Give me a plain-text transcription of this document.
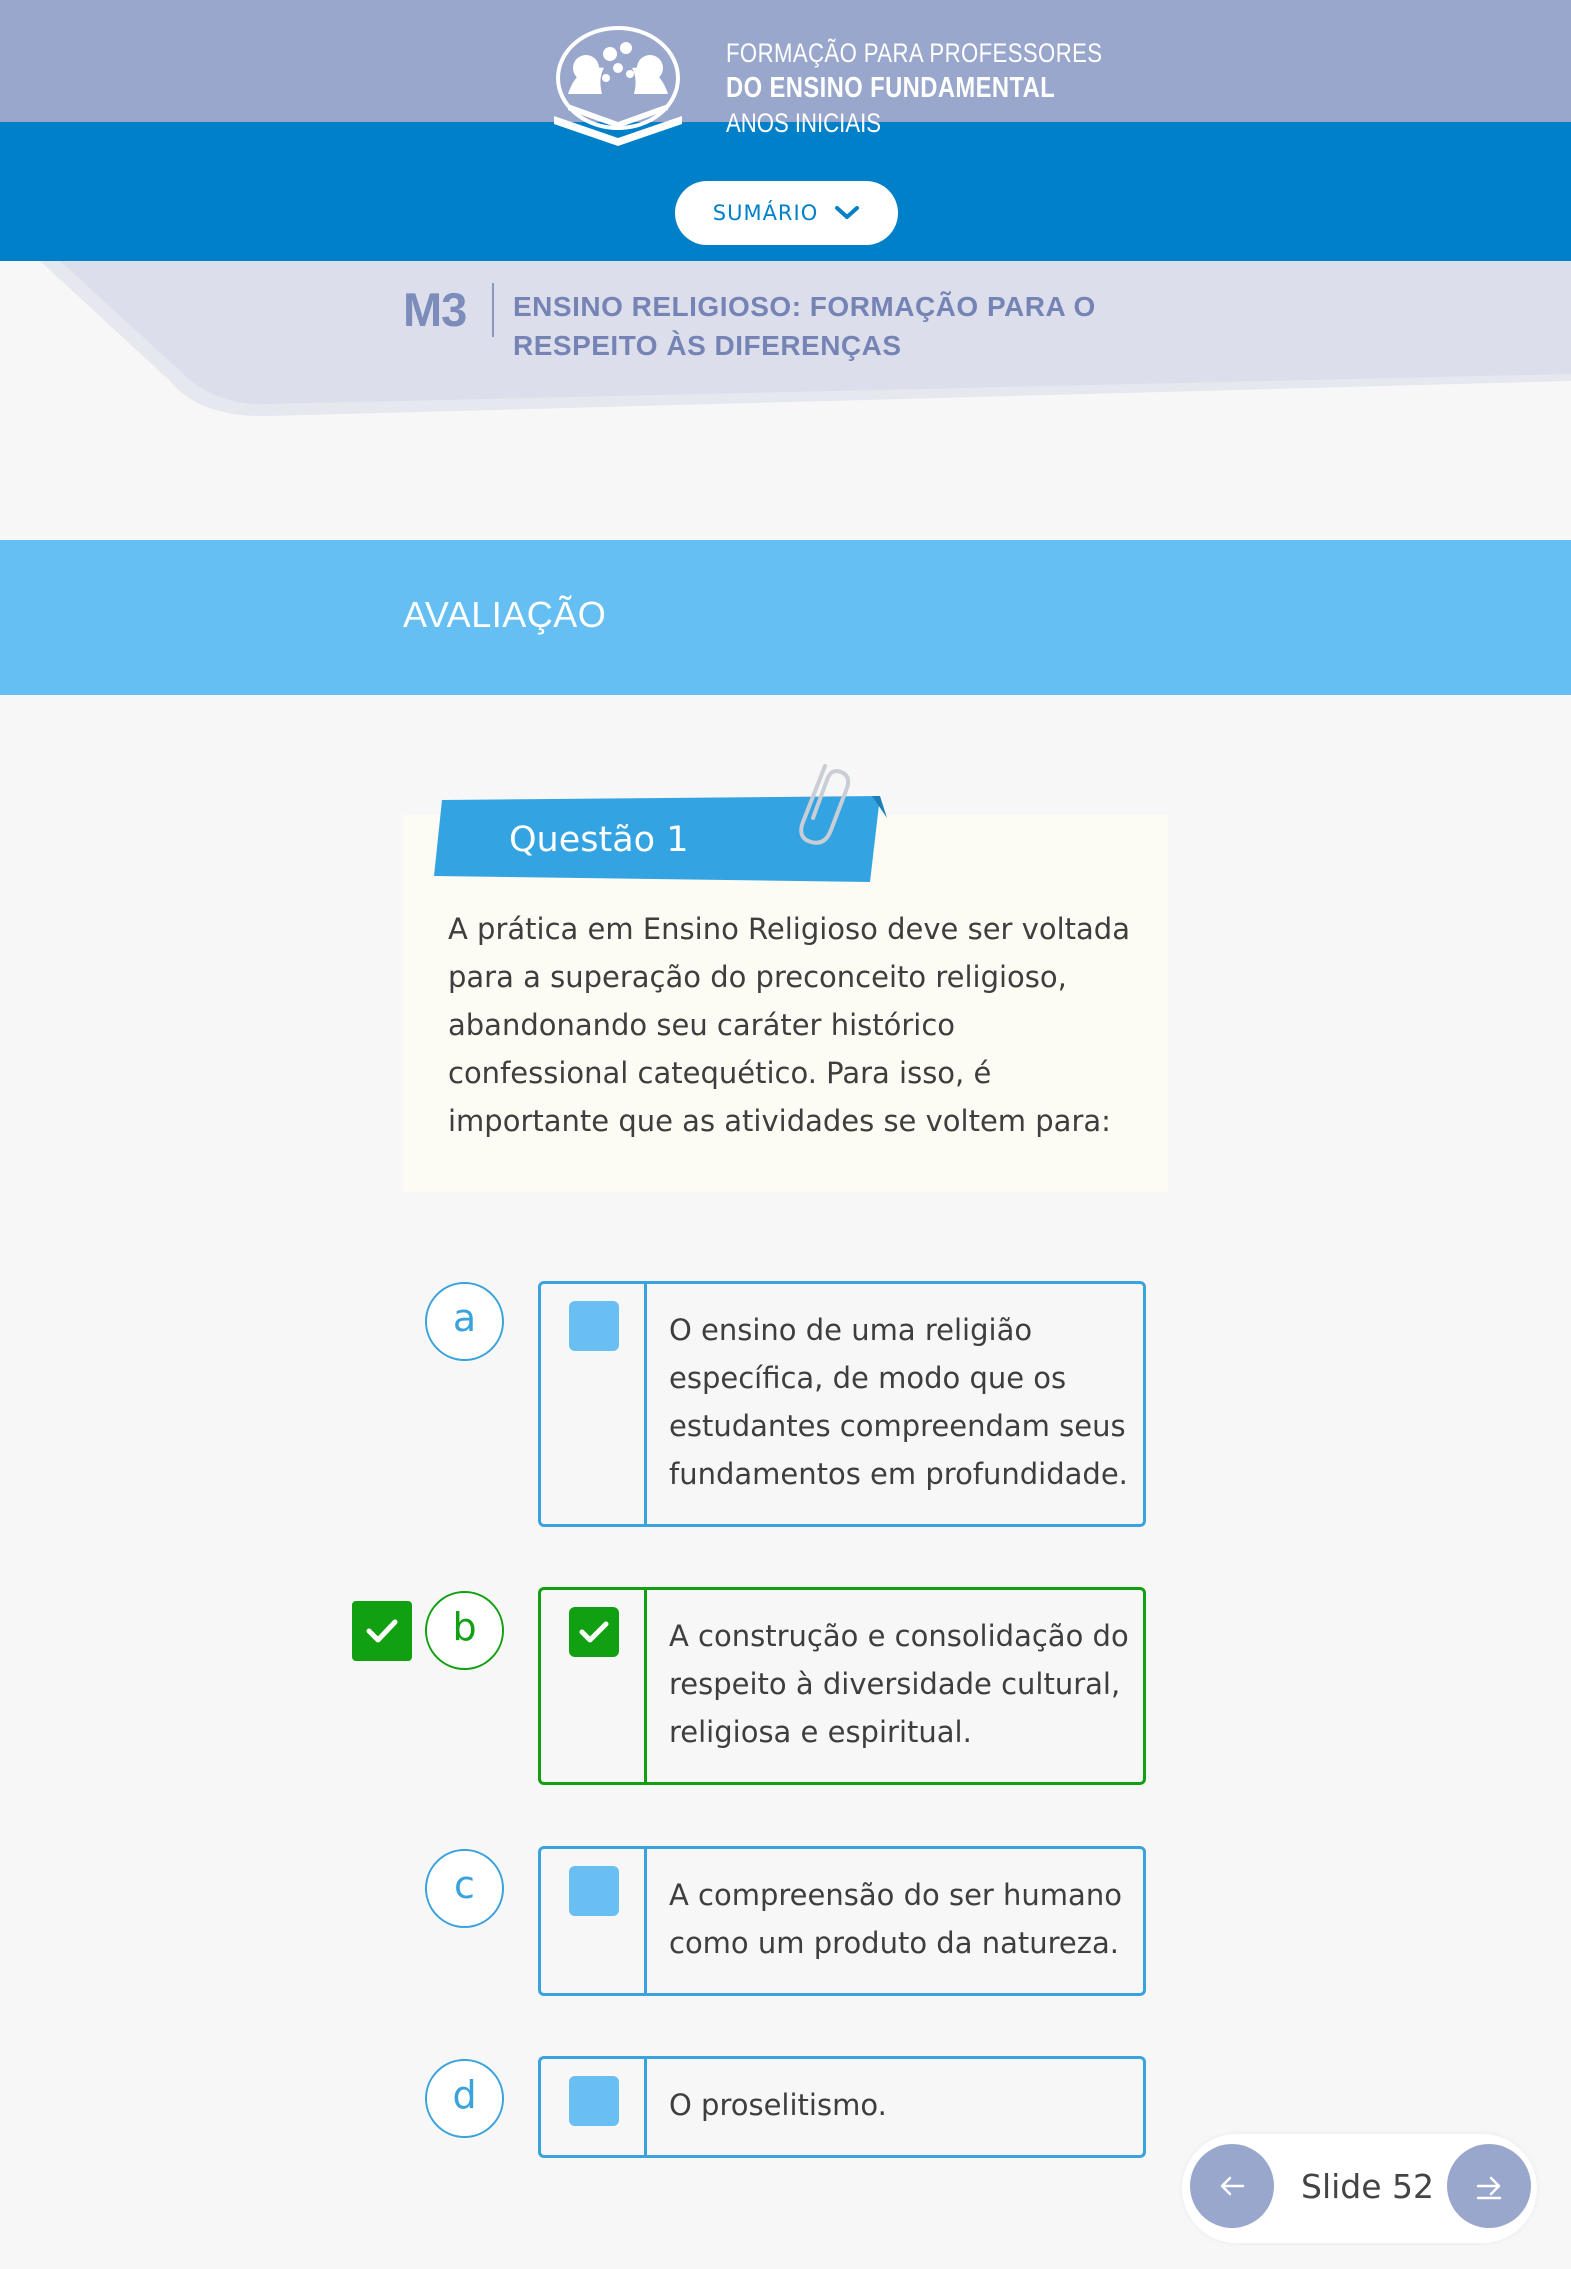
FORMAÇÃO PARA PROFESSORES
DO ENSINO FUNDAMENTAL
ANOS INICIAIS
SUMÁRIO
M3 ENSINO RELIGIOSO: FORMAÇÃO PARA O RESPEITO ÀS DIFERENÇAS
AVALIAÇÃO
Questão 1
A prática em Ensino Religioso deve ser voltada para a superação do preconceito religioso, abandonando seu caráter histórico confessional catequético. Para isso, é importante que as atividades se voltem para:
a	O ensino de uma religião específica, de modo que os estudantes compreendam seus fundamentos em profundidade.
b	A construção e consolidação do respeito à diversidade cultural, religiosa e espiritual.
c	A compreensão do ser humano como um produto da natureza.
d	O proselitismo.
Slide 52
